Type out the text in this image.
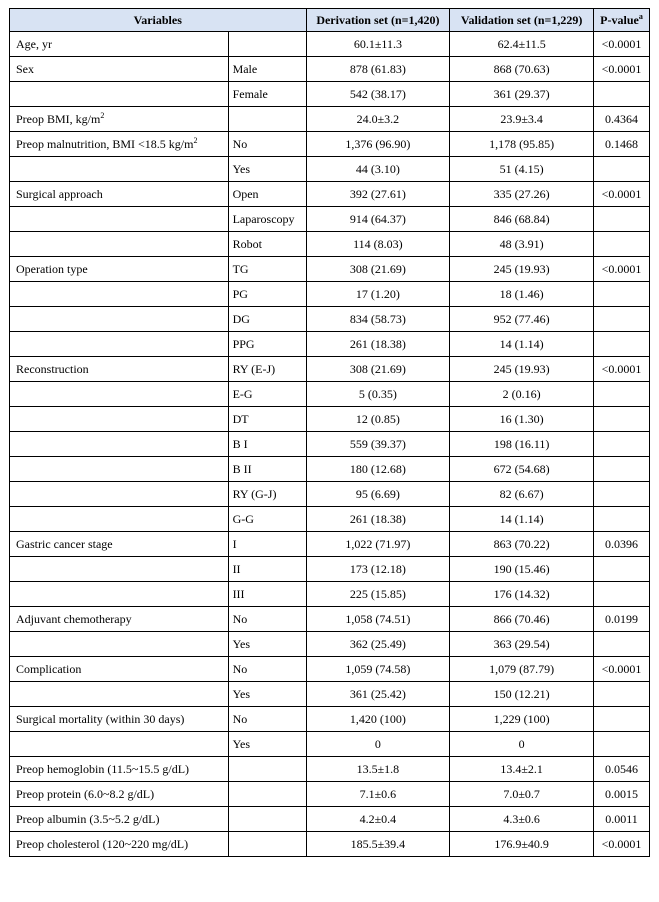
Variables		Derivation set (n=1,420)	Validation set (n=1,229)	P-value$^a$
Age, yr		60.1±11.3	62.4±11.5	<0.0001
Sex	Male	878 (61.83)	868 (70.63)	<0.0001
	Female	542 (38.17)	361 (29.37)	
Preop BMI, $kg/m^2$		24.0±3.2	23.9±3.4	0.4364
Preop malnutrition, BMI <18.5 $kg/m^2$	No	1,376 (96.90)	1,178 (95.85)	0.1468
	Yes	44 (3.10)	51 (4.15)	
Surgical approach	Open	392 (27.61)	335 (27.26)	<0.0001
	Laparoscopy	914 (64.37)	846 (68.84)	
	Robot	114 (8.03)	48 (3.91)	
Operation type	TG	308 (21.69)	245 (19.93)	<0.0001
	PG	17 (1.20)	18 (1.46)	
	DG	834 (58.73)	952 (77.46)	
	PPG	261 (18.38)	14 (1.14)	
Reconstruction	RY (E-J)	308 (21.69)	245 (19.93)	<0.0001
	E-G	5 (0.35)	2 (0.16)	
	DT	12 (0.85)	16 (1.30)	
	B I	559 (39.37)	198 (16.11)	
	B II	180 (12.68)	672 (54.68)	
	RY (G-J)	95 (6.69)	82 (6.67)	
	G-G	261 (18.38)	14 (1.14)	
Gastric cancer stage	I	1,022 (71.97)	863 (70.22)	0.0396
	II	173 (12.18)	190 (15.46)	
	III	225 (15.85)	176 (14.32)	
Adjuvant chemotherapy	No	1,058 (74.51)	866 (70.46)	0.0199
	Yes	362 (25.49)	363 (29.54)	
Complication	No	1,059 (74.58)	1,079 (87.79)	<0.0001
	Yes	361 (25.42)	150 (12.21)	
Surgical mortality (within 30 days)	No	1,420 (100)	1,229 (100)	
	Yes	0	0	
Preop hemoglobin (11.5~15.5 g/dL)		13.5±1.8	13.4±2.1	0.0546
Preop protein (6.0~8.2 g/dL)		7.1±0.6	7.0±0.7	0.0015
Preop albumin (3.5~5.2 g/dL)		4.2±0.4	4.3±0.6	0.0011
Preop cholesterol (120~220 mg/dL)		185.5±39.4	176.9±40.9	<0.0001
